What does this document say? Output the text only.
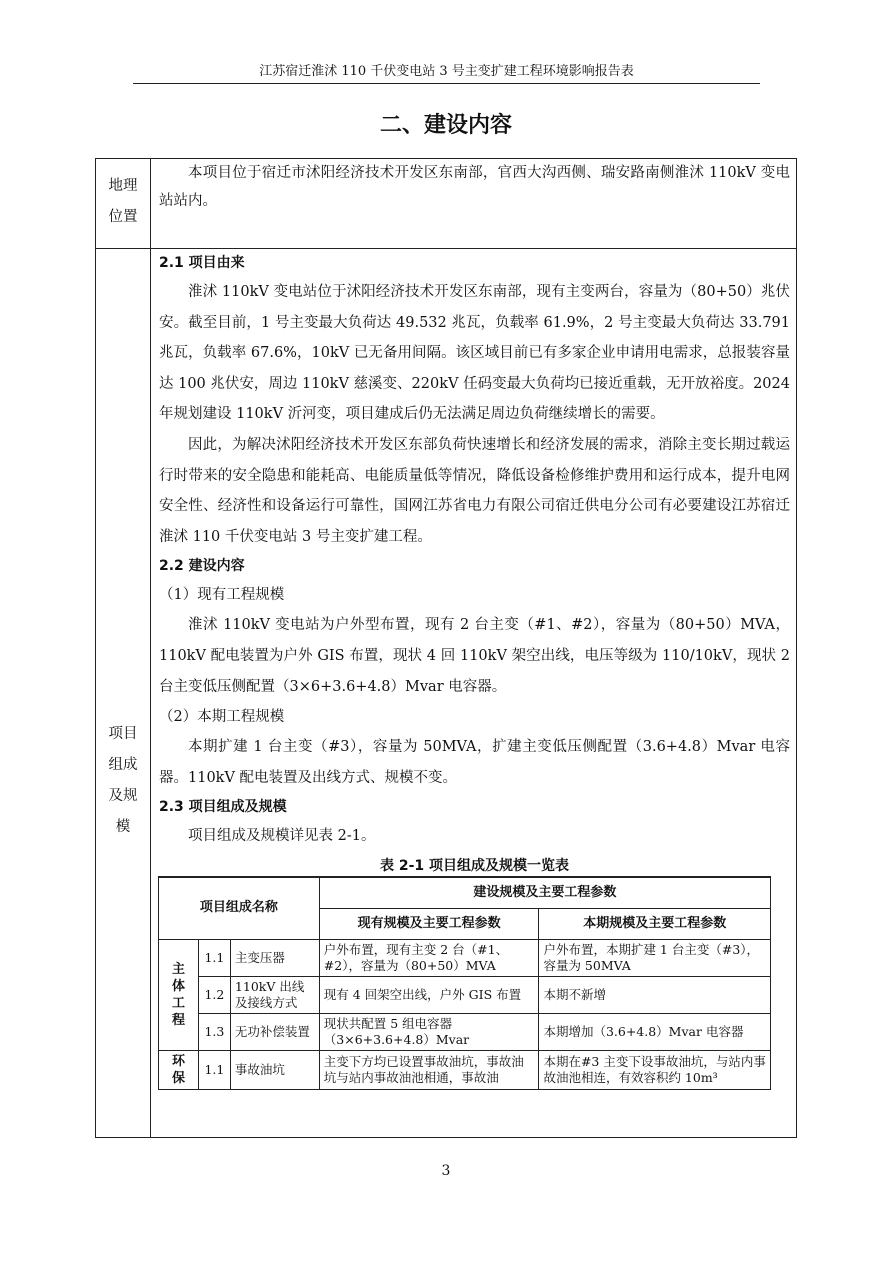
江苏宿迁淮沭 110 千伏变电站 3 号主变扩建工程环境影响报告表
二、建设内容
地理
位置
本项目位于宿迁市沭阳经济技术开发区东南部，官西大沟西侧、瑞安路南侧淮沭 110kV 变电站站内。
项目
组成
及规
模

2.1 项目由来

淮沭 110kV 变电站位于沭阳经济技术开发区东南部，现有主变两台，容量为（80+50）兆伏安。截至目前，1 号主变最大负荷达 49.532 兆瓦，负载率 61.9%，2 号主变最大负荷达 33.791 兆瓦，负载率 67.6%，10kV 已无备用间隔。该区域目前已有多家企业申请用电需求，总报装容量达 100 兆伏安，周边 110kV 慈溪变、220kV 任码变最大负荷均已接近重载，无开放裕度。2024 年规划建设 110kV 沂河变，项目建成后仍无法满足周边负荷继续增长的需要。

因此，为解决沭阳经济技术开发区东部负荷快速增长和经济发展的需求，消除主变长期过载运行时带来的安全隐患和能耗高、电能质量低等情况，降低设备检修维护费用和运行成本，提升电网安全性、经济性和设备运行可靠性，国网江苏省电力有限公司宿迁供电分公司有必要建设江苏宿迁淮沭 110 千伏变电站 3 号主变扩建工程。

2.2 建设内容

（1）现有工程规模

淮沭 110kV 变电站为户外型布置，现有 2 台主变（#1、#2），容量为（80+50）MVA，110kV 配电装置为户外 GIS 布置，现状 4 回 110kV 架空出线，电压等级为 110/10kV，现状 2 台主变低压侧配置（3×6+3.6+4.8）Mvar 电容器。

（2）本期工程规模

本期扩建 1 台主变（#3），容量为 50MVA，扩建主变低压侧配置（3.6+4.8）Mvar 电容器。110kV 配电装置及出线方式、规模不变。

2.3 项目组成及规模

项目组成及规模详见表 2-1。

表 2-1 项目组成及规模一览表

项目组成名称			建设规模及主要工程参数	
			现有规模及主要工程参数	本期规模及主要工程参数
主体工程	1.1	主变压器	户外布置，现有主变 2 台（#1、#2），容量为（80+50）MVA	户外布置，本期扩建 1 台主变（#3），容量为 50MVA
	1.2	110kV 出线及接线方式	现有 4 回架空出线，户外 GIS 布置	本期不新增
	1.3	无功补偿装置	现状共配置 5 组电容器（3×6+3.6+4.8）Mvar	本期增加（3.6+4.8）Mvar 电容器
环保	1.1	事故油坑	主变下方均已设置事故油坑，事故油坑与站内事故油池相通，事故油	本期在#3 主变下设事故油坑，与站内事故油池相连，有效容积约 10m³
3
